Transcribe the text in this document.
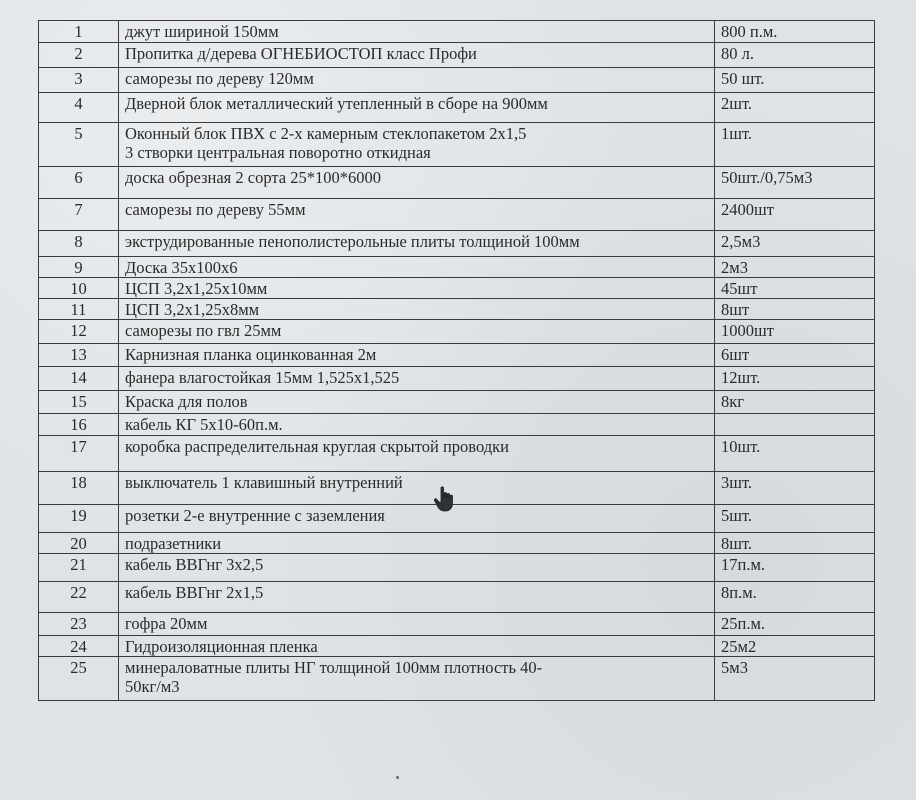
1	джут шириной 150мм	800 п.м.
2	Пропитка д/дерева ОГНЕБИОСТОП класс Профи	80 л.
3	саморезы по дереву 120мм	50 шт.
4	Дверной блок металлический утепленный в сборе на 900мм	2шт.
5	Оконный блок ПВХ с 2-х камерным стеклопакетом 2х1,5
3 створки центральная поворотно откидная	1шт.
6	доска обрезная 2 сорта 25*100*6000	50шт./0,75м3
7	саморезы по дереву 55мм	2400шт
8	экструдированные пенополистерольные плиты толщиной 100мм	2,5м3
9	Доска 35х100х6	2м3
10	ЦСП 3,2х1,25х10мм	45шт
11	ЦСП 3,2х1,25х8мм	8шт
12	саморезы по гвл 25мм	1000шт
13	Карнизная планка оцинкованная 2м	6шт
14	фанера влагостойкая 15мм 1,525х1,525	12шт.
15	Краска для полов	8кг
16	кабель КГ 5х10-60п.м.	

17	коробка распределительная круглая скрытой проводки	10шт.
18	выключатель 1 клавишный внутренний	3шт.
19	розетки 2-е внутренние с заземления	5шт.
20	подразетники	8шт.
21	кабель ВВГнг 3х2,5	17п.м.
22	кабель ВВГнг 2х1,5	8п.м.
23	гофра 20мм	25п.м.
24	Гидроизоляционная пленка	25м2
25	минераловатные плиты НГ толщиной 100мм плотность 40-
50кг/м3	5м3
